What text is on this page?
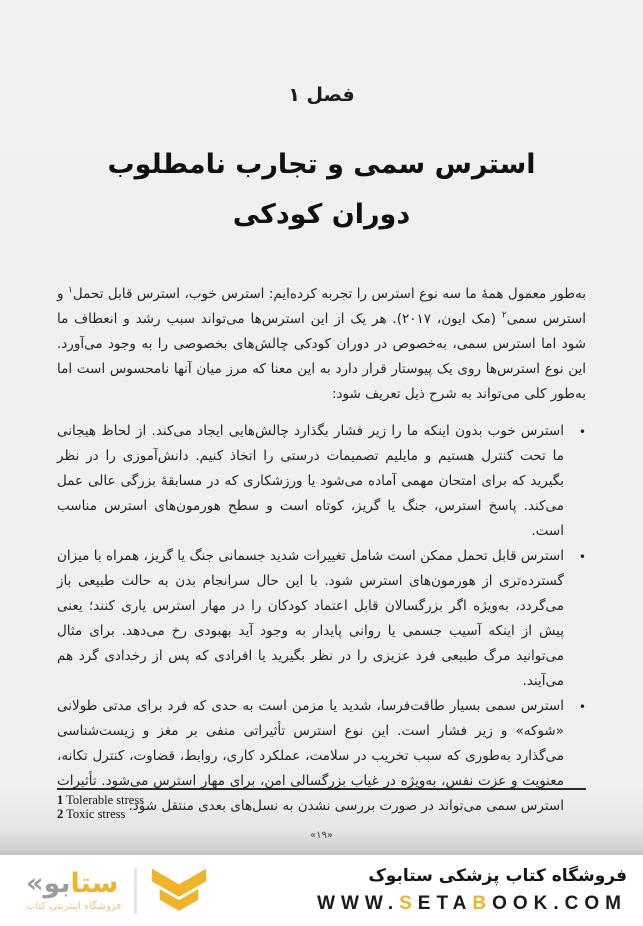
فصل ۱
استرس سمی و تجارب نامطلوب
دوران کودکی

به‌طور معمول همهٔ ما سه نوع استرس را تجربه کرده‌ایم: استرس خوب، استرس قابل تحمل$^۱$ و استرس سمی$^۲$ (مک ایون، ۲۰۱۷). هر یک از این استرس‌ها می‌تواند سبب رشد و انعطاف ما شود اما استرس سمی، به‌خصوص در دوران کودکی چالش‌های بخصوصی را به وجود می‌آورد. این نوع استرس‌ها روی یک پیوستار قرار دارد به این معنا که مرز میان آنها نامحسوس است اما به‌طور کلی می‌تواند به شرح ذیل تعریف شود:

•
استرس خوب بدون اینکه ما را زیر فشار بگذارد چالش‌هایی ایجاد می‌کند. از لحاظ هیجانی ما تحت کنترل هستیم و مایلیم تصمیمات درستی را اتخاذ کنیم. دانش‌آموزی را در نظر بگیرید که برای امتحان مهمی آماده می‌شود یا ورزشکاری که در مسابقهٔ بزرگی عالی عمل می‌کند. پاسخ استرس، جنگ یا گریز، کوتاه است و سطح هورمون‌های استرس مناسب است.
•
استرس قابل تحمل ممکن است شامل تغییرات شدید جسمانی جنگ یا گریز، همراه با میزان گسترده‌تری از هورمون‌های استرس شود. با این حال سرانجام بدن به حالت طبیعی باز می‌گردد، به‌ویژه اگر بزرگسالان قابل اعتماد کودکان را در مهار استرس یاری کنند؛ یعنی پیش از اینکه آسیب جسمی یا روانی پایدار به وجود آید بهبودی رخ می‌دهد. برای مثال می‌توانید مرگ طبیعی فرد عزیزی را در نظر بگیرید یا افرادی که پس از رخدادی گرد هم می‌آیند.
•
استرس سمی بسیار طاقت‌فرسا، شدید یا مزمن است به حدی که فرد برای مدتی طولانی «شوکه» و زیر فشار است. این نوع استرس تأثیراتی منفی بر مغز و زیست‌شناسی می‌گذارد به‌طوری که سبب تخریب در سلامت، عملکرد کاری، روابط، قضاوت، کنترل تکانه، معنویت و عزت نفس، به‌ویژه در غیاب بزرگسالی امن، برای مهار استرس می‌شود. تأثیرات استرس سمی می‌تواند در صورت بررسی نشدن به نسل‌های بعدی منتقل شود.
1 Tolerable stress
2 Toxic stress
«۱۹»
« بو ستا
فروشگاه اینترنتی کتاب
فروشگاه کتاب پزشکی ستابوک
WWW.SETABOOK.COM
